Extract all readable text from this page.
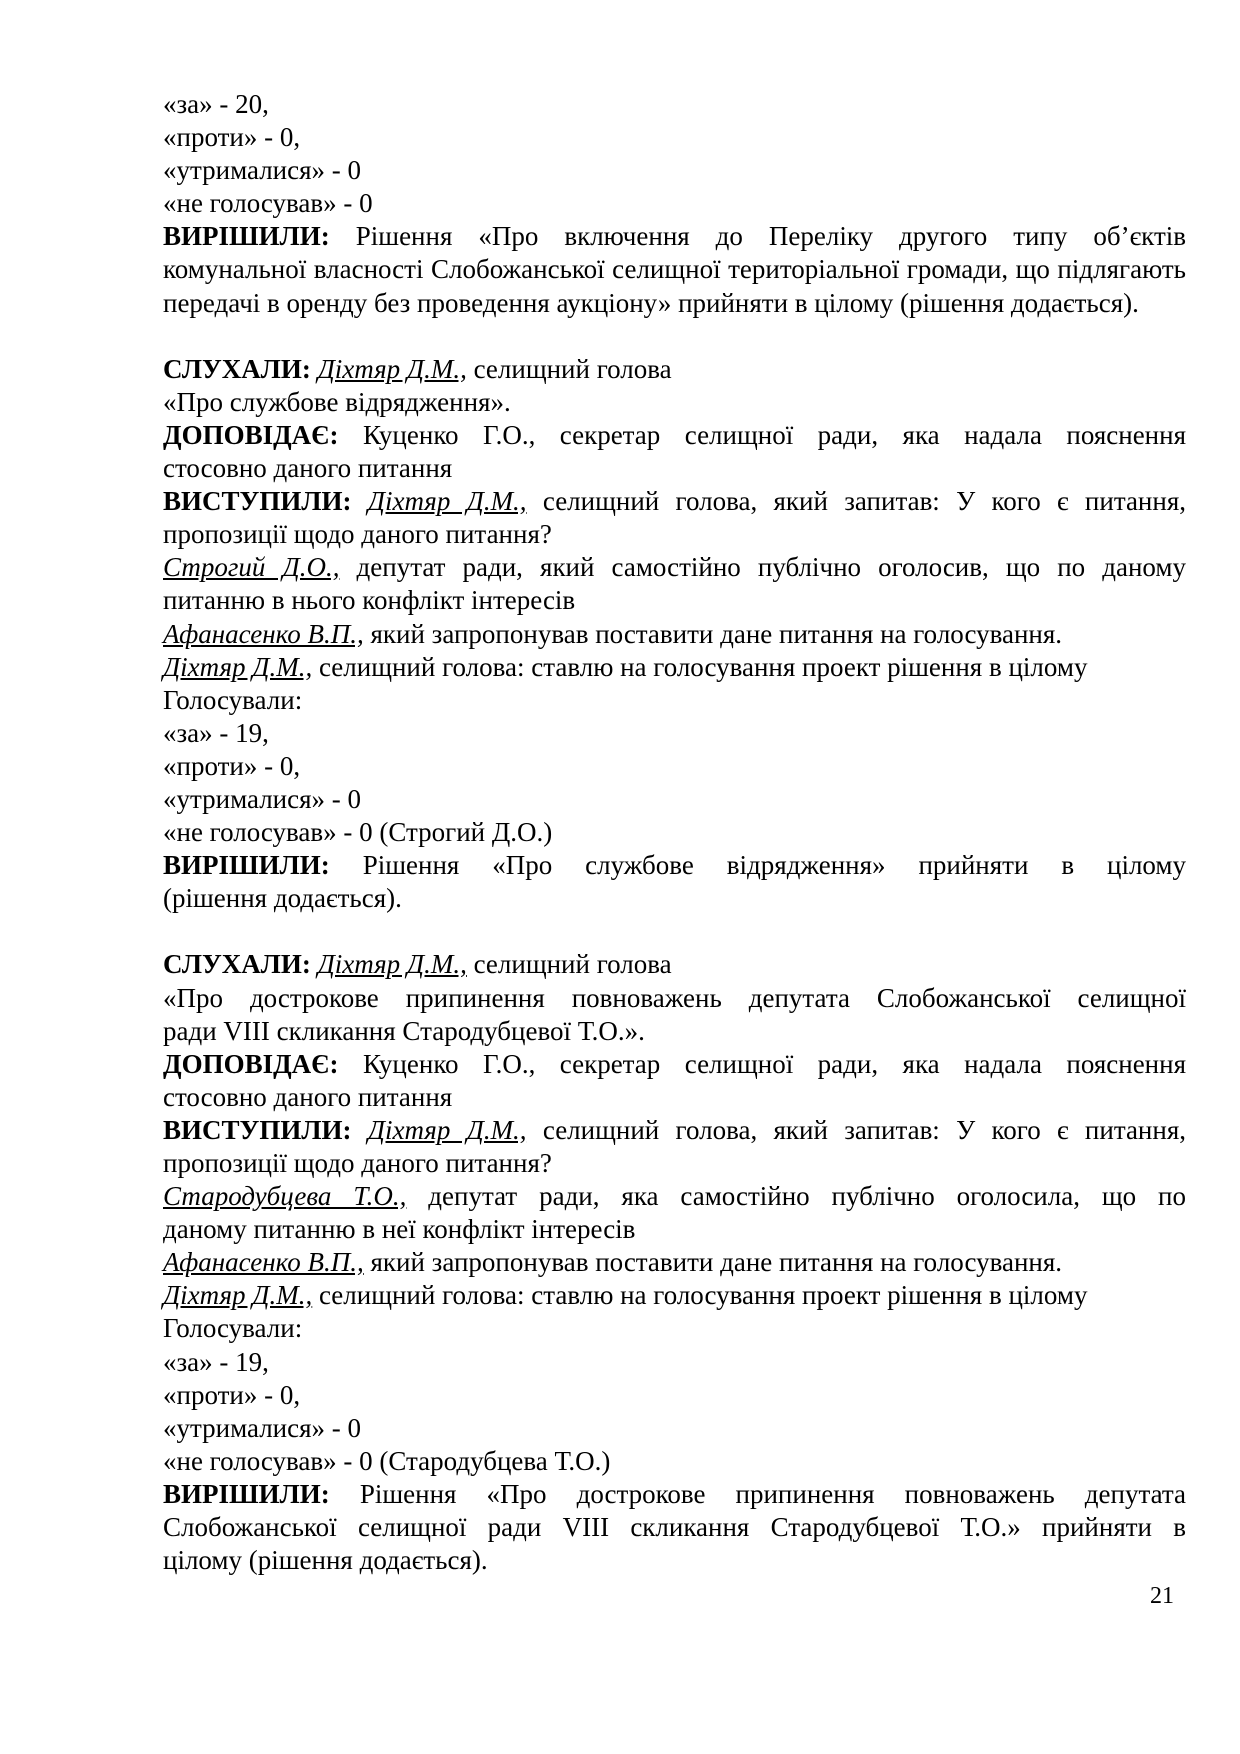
«за» - 20,
«проти» - 0,
«утрималися» - 0
«не голосував» - 0
ВИРІШИЛИ: Рішення «Про включення до Переліку другого типу об’єктів
комунальної власності Слобожанської селищної територіальної громади, що підлягають
передачі в оренду без проведення аукціону» прийняти в цілому (рішення додається).
СЛУХАЛИ: Діхтяр Д.М., селищний голова
«Про службове відрядження».
ДОПОВІДАЄ: Куценко Г.О., секретар селищної ради, яка надала пояснення
стосовно даного питання
ВИСТУПИЛИ: Діхтяр Д.М., селищний голова, який запитав: У кого є питання,
пропозиції щодо даного питання?
Строгий Д.О., депутат ради, який самостійно публічно оголосив, що по даному
питанню в нього конфлікт інтересів
Афанасенко В.П., який запропонував поставити дане питання на голосування.
Діхтяр Д.М., селищний голова: ставлю на голосування проект рішення в цілому
Голосували:
«за» - 19,
«проти» - 0,
«утрималися» - 0
«не голосував» - 0 (Строгий Д.О.)
ВИРІШИЛИ: Рішення «Про службове відрядження» прийняти в цілому
(рішення додається).
СЛУХАЛИ: Діхтяр Д.М., селищний голова
«Про дострокове припинення повноважень депутата Слобожанської селищної
ради VIII скликання Стародубцевої Т.О.».
ДОПОВІДАЄ: Куценко Г.О., секретар селищної ради, яка надала пояснення
стосовно даного питання
ВИСТУПИЛИ: Діхтяр Д.М., селищний голова, який запитав: У кого є питання,
пропозиції щодо даного питання?
Стародубцева Т.О., депутат ради, яка самостійно публічно оголосила, що по
даному питанню в неї конфлікт інтересів
Афанасенко В.П., який запропонував поставити дане питання на голосування.
Діхтяр Д.М., селищний голова: ставлю на голосування проект рішення в цілому
Голосували:
«за» - 19,
«проти» - 0,
«утрималися» - 0
«не голосував» - 0 (Стародубцева Т.О.)
ВИРІШИЛИ: Рішення «Про дострокове припинення повноважень депутата
Слобожанської селищної ради VIII скликання Стародубцевої Т.О.» прийняти в
цілому (рішення додається).
21
